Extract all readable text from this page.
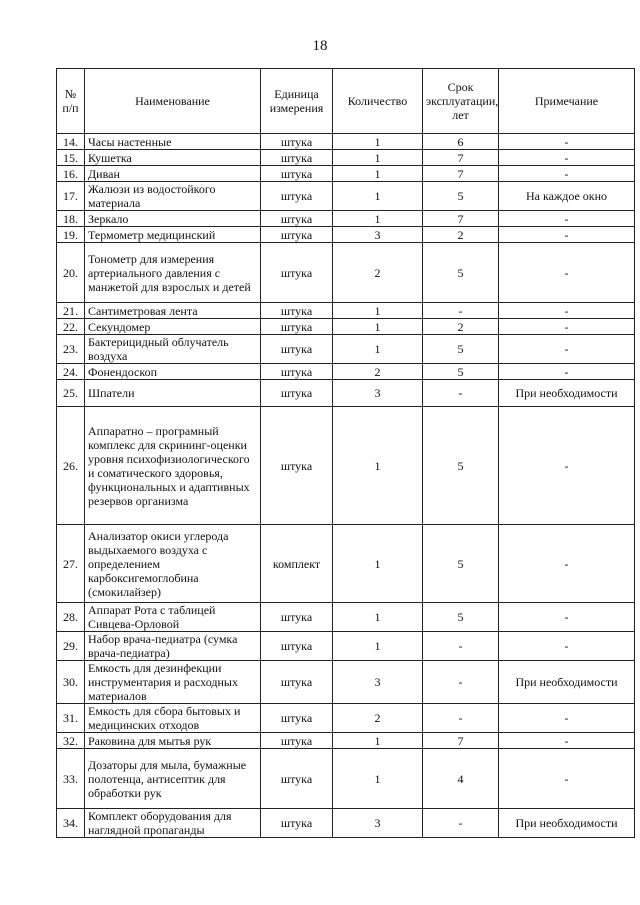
18
№ п/п	Наименование	Единица измерения	Количество	Срок эксплуатации, лет	Примечание
14.	Часы настенные	штука	1	6	-
15.	Кушетка	штука	1	7	-
16.	Диван	штука	1	7	-
17.	Жалюзи из водостойкого материала	штука	1	5	На каждое окно
18.	Зеркало	штука	1	7	-
19.	Термометр медицинский	штука	3	2	-
20.	Тонометр для измерения артериального давления с манжетой для взрослых и детей	штука	2	5	-
21.	Сантиметровая лента	штука	1	-	-
22.	Секундомер	штука	1	2	-
23.	Бактерицидный облучатель воздуха	штука	1	5	-
24.	Фонендоскоп	штука	2	5	-
25.	Шпатели	штука	3	-	При необходимости
26.	Аппаратно – програмный комплекс для скрининг-оценки уровня психофизиологического и соматического здоровья, функциональных и адаптивных резервов организма	штука	1	5	-
27.	Анализатор окиси углерода выдыхаемого воздуха с определением карбоксигемоглобина (смокилайзер)	комплект	1	5	-
28.	Аппарат Рота с таблицей Сивцева-Орловой	штука	1	5	-
29.	Набор врача-педиатра (сумка врача-педиатра)	штука	1	-	-
30.	Емкость для дезинфекции инструментария и расходных материалов	штука	3	-	При необходимости
31.	Емкость для сбора бытовых и медицинских отходов	штука	2	-	-
32.	Раковина для мытья рук	штука	1	7	-
33.	Дозаторы для мыла, бумажные полотенца, антисептик для обработки рук	штука	1	4	-
34.	Комплект оборудования для наглядной пропаганды	штука	3	-	При необходимости
